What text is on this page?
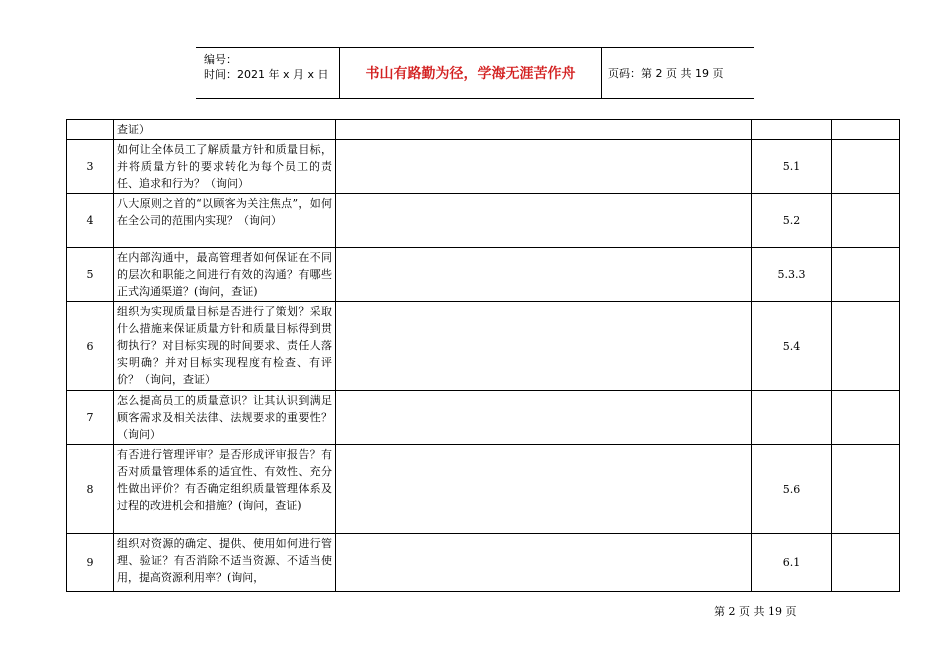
编号：
时间：2021 年 x 月 x 日	书山有路勤为径，学海无涯苦作舟	页码：第 2 页 共 19 页
	查证）			
3	如何让全体员工了解质量方针和质量目标，并将质量方针的要求转化为每个员工的责任、追求和行为？（询问）		5.1	
4	八大原则之首的“以顾客为关注焦点”，如何在全公司的范围内实现？（询问）		5.2	
5	在内部沟通中，最高管理者如何保证在不同的层次和职能之间进行有效的沟通？有哪些正式沟通渠道？(询问，查证)		5.3.3	
6	组织为实现质量目标是否进行了策划？采取什么措施来保证质量方针和质量目标得到贯彻执行？对目标实现的时间要求、责任人落实明确？并对目标实现程度有检查、有评价？（询问，查证）		5.4	
7	怎么提高员工的质量意识？让其认识到满足顾客需求及相关法律、法规要求的重要性？（询问）			
8	有否进行管理评审？是否形成评审报告？有否对质量管理体系的适宜性、有效性、充分性做出评价？有否确定组织质量管理体系及过程的改进机会和措施？(询问，查证)		5.6	
9	组织对资源的确定、提供、使用如何进行管理、验证？有否消除不适当资源、不适当使用，提高资源利用率？(询问，		6.1	
第 2 页 共 19 页
